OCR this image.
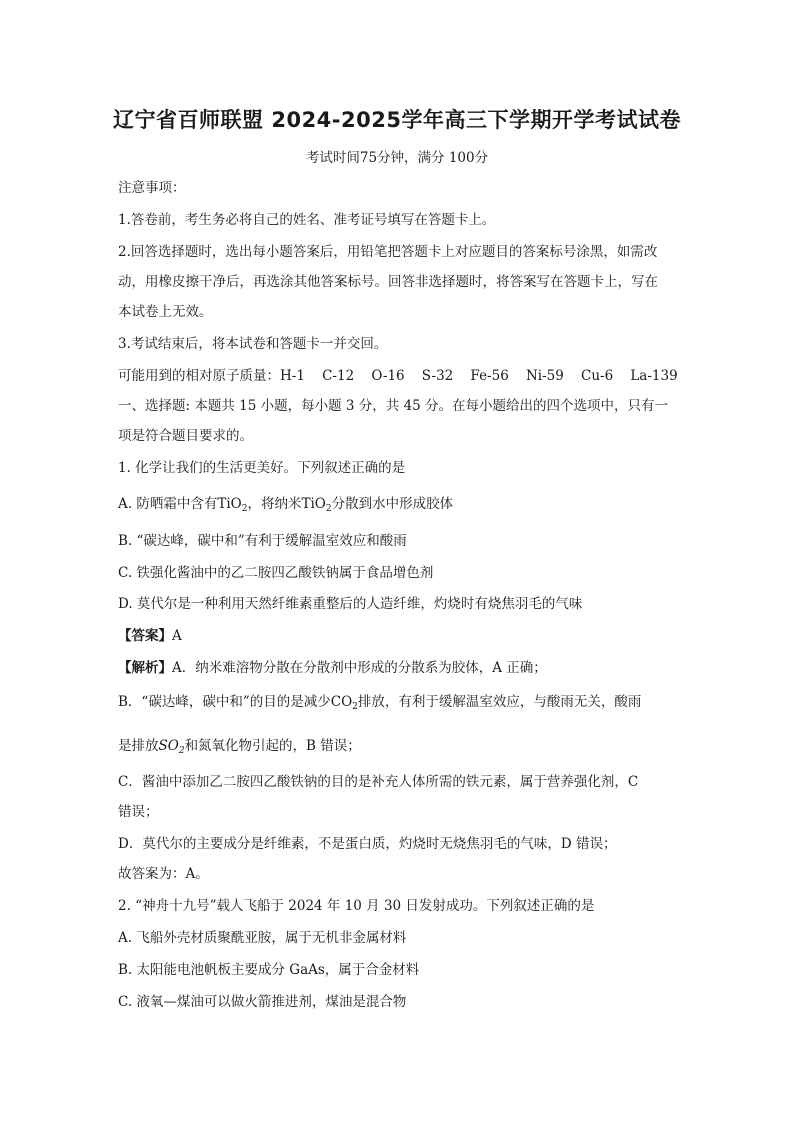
辽宁省百师联盟 2024-2025学年高三下学期开学考试试卷
考试时间75分钟，满分 100分
注意事项：
1.答卷前，考生务必将自己的姓名、准考证号填写在答题卡上。
2.回答选择题时，选出每小题答案后，用铅笔把答题卡上对应题目的答案标号涂黑，如需改
动，用橡皮擦干净后，再选涂其他答案标号。回答非选择题时，将答案写在答题卡上，写在
本试卷上无效。
3.考试结束后，将本试卷和答题卡一并交回。
可能用到的相对原子质量：H-1    C-12    O-16    S-32    Fe-56    Ni-59    Cu-6    La-139
一、选择题: 本题共 15 小题，每小题 3 分，共 45 分。在每小题给出的四个选项中，只有一
项是符合题目要求的。
1. 化学让我们的生活更美好。下列叙述正确的是
A. 防晒霜中含有TiO$_2$，将纳米TiO$_2$分散到水中形成胶体
B. “碳达峰，碳中和”有利于缓解温室效应和酸雨
C. 铁强化酱油中的乙二胺四乙酸铁钠属于食品增色剂
D. 莫代尔是一种利用天然纤维素重整后的人造纤维，灼烧时有烧焦羽毛的气味
【答案】A
【解析】A．纳米难溶物分散在分散剂中形成的分散系为胶体，A 正确；
B．“碳达峰，碳中和”的目的是减少$CO_2$排放，有利于缓解温室效应，与酸雨无关，酸雨
是排放$SO_2$和氮氧化物引起的，B 错误；
C．酱油中添加乙二胺四乙酸铁钠的目的是补充人体所需的铁元素，属于营养强化剂，C
错误；
D．莫代尔的主要成分是纤维素，不是蛋白质，灼烧时无烧焦羽毛的气味，D 错误；
故答案为：A。
2. “神舟十九号”载人飞船于 2024 年 10 月 30 日发射成功。下列叙述正确的是
A. 飞船外壳材质聚酰亚胺，属于无机非金属材料
B. 太阳能电池帆板主要成分 GaAs，属于合金材料
C. 液氧—煤油可以做火箭推进剂，煤油是混合物
